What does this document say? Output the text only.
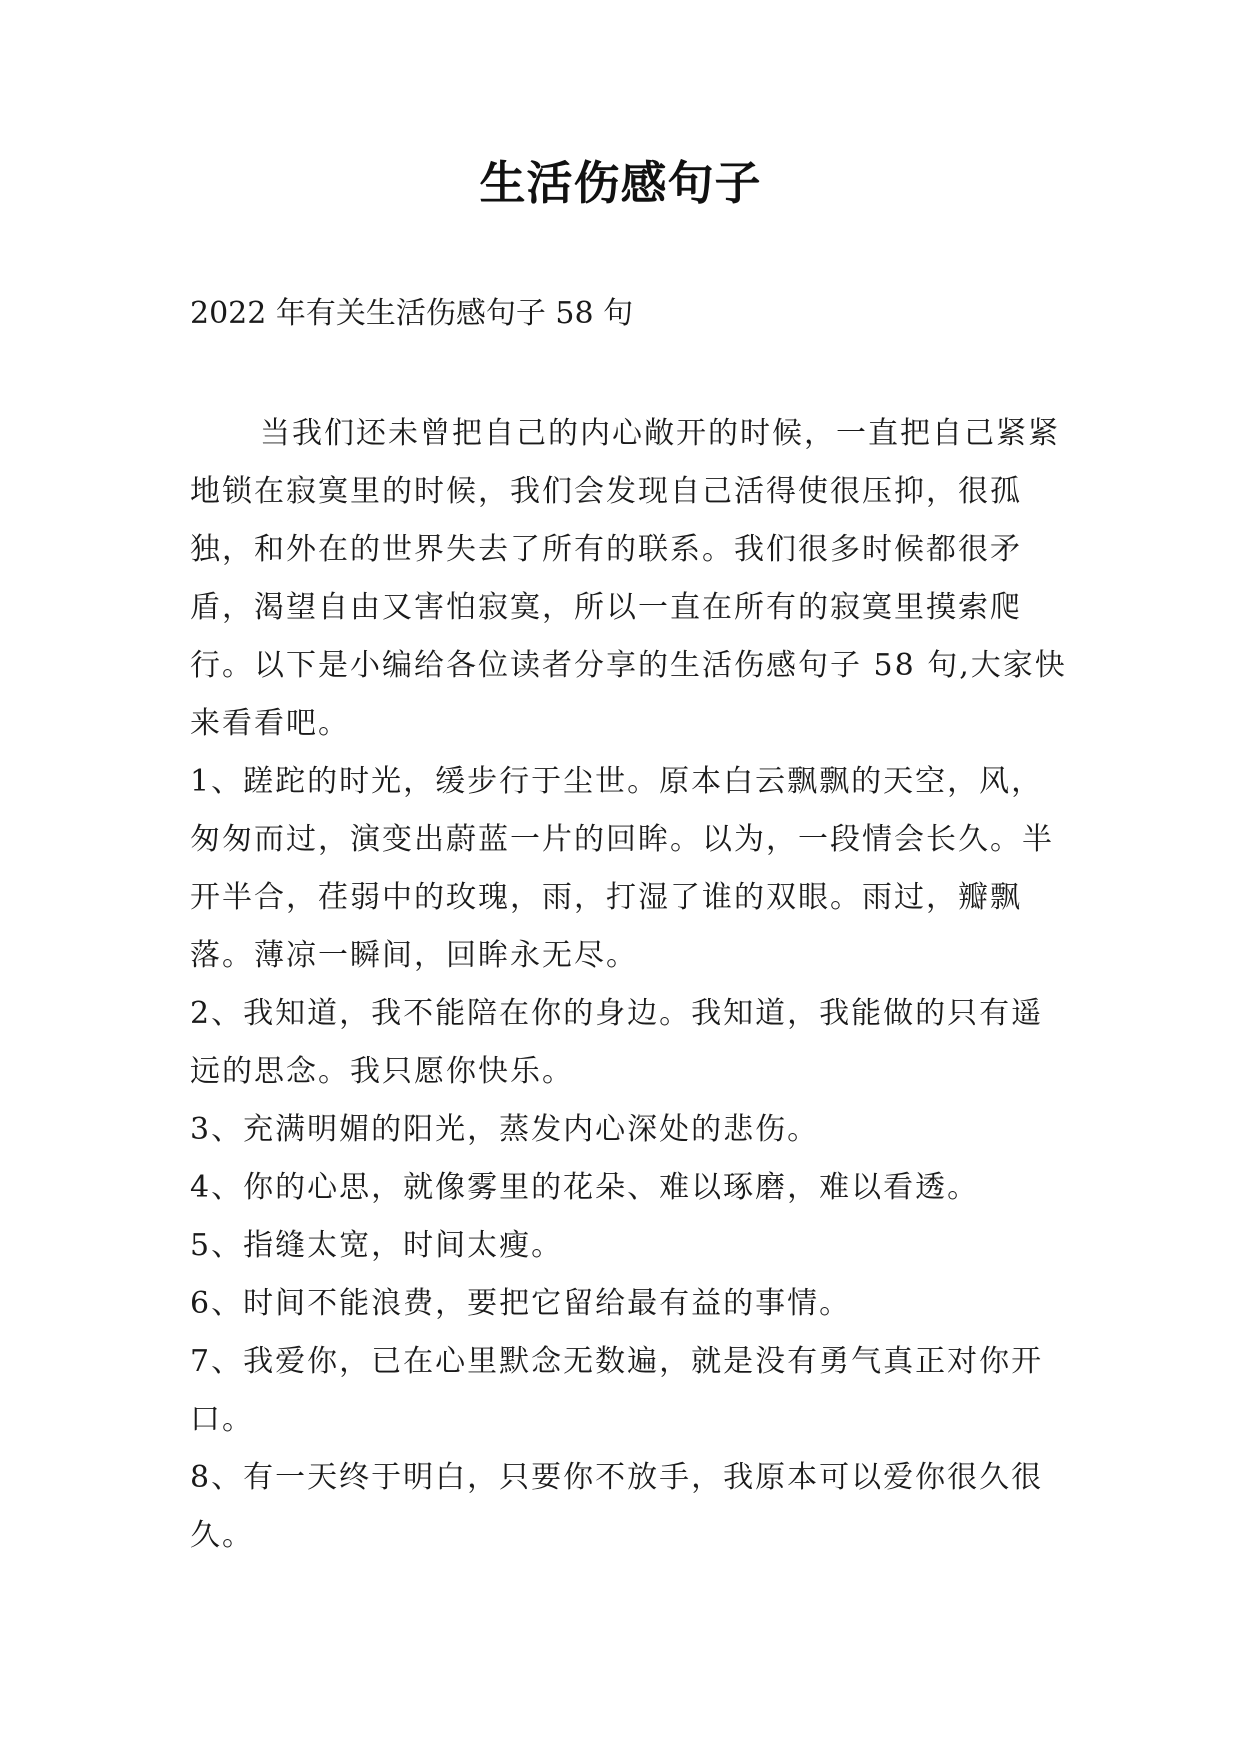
生活伤感句子
2022 年有关生活伤感句子 58 句

当我们还未曾把自己的内心敞开的时候，一直把自己紧紧地锁在寂寞里的时候，我们会发现自己活得使很压抑，很孤独，和外在的世界失去了所有的联系。我们很多时候都很矛盾，渴望自由又害怕寂寞，所以一直在所有的寂寞里摸索爬行。以下是小编给各位读者分享的生活伤感句子 58 句,大家快来看看吧。

1、蹉跎的时光，缓步行于尘世。原本白云飘飘的天空，风，匆匆而过，演变出蔚蓝一片的回眸。以为，一段情会长久。半开半合，荏弱中的玫瑰，雨，打湿了谁的双眼。雨过，瓣飘落。薄凉一瞬间，回眸永无尽。

2、我知道，我不能陪在你的身边。我知道，我能做的只有遥远的思念。我只愿你快乐。

3、充满明媚的阳光，蒸发内心深处的悲伤。

4、你的心思，就像雾里的花朵、难以琢磨，难以看透。

5、指缝太宽，时间太瘦。

6、时间不能浪费，要把它留给最有益的事情。

7、我爱你，已在心里默念无数遍，就是没有勇气真正对你开口。

8、有一天终于明白，只要你不放手，我原本可以爱你很久很久。
